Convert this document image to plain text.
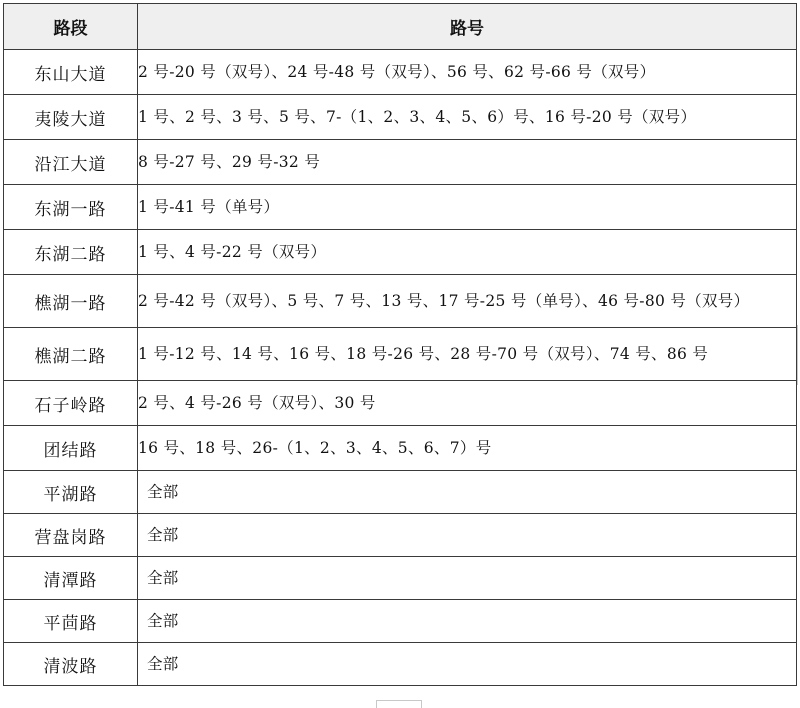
路段	路号
东山大道	2 号-20 号（双号）、24 号-48 号（双号）、56 号、62 号-66 号（双号）
夷陵大道	1 号、2 号、3 号、5 号、7-（1、2、3、4、5、6）号、16 号-20 号（双号）
沿江大道	8 号-27 号、29 号-32 号
东湖一路	1 号-41 号（单号）
东湖二路	1 号、4 号-22 号（双号）
樵湖一路	2 号-42 号（双号）、5 号、7 号、13 号、17 号-25 号（单号）、46 号-80 号（双号）
樵湖二路	1 号-12 号、14 号、16 号、18 号-26 号、28 号-70 号（双号）、74 号、86 号
石子岭路	2 号、4 号-26 号（双号）、30 号
团结路	16 号、18 号、26-（1、2、3、4、5、6、7）号
平湖路	全部
营盘岗路	全部
清潭路	全部
平茴路	全部
清波路	全部
